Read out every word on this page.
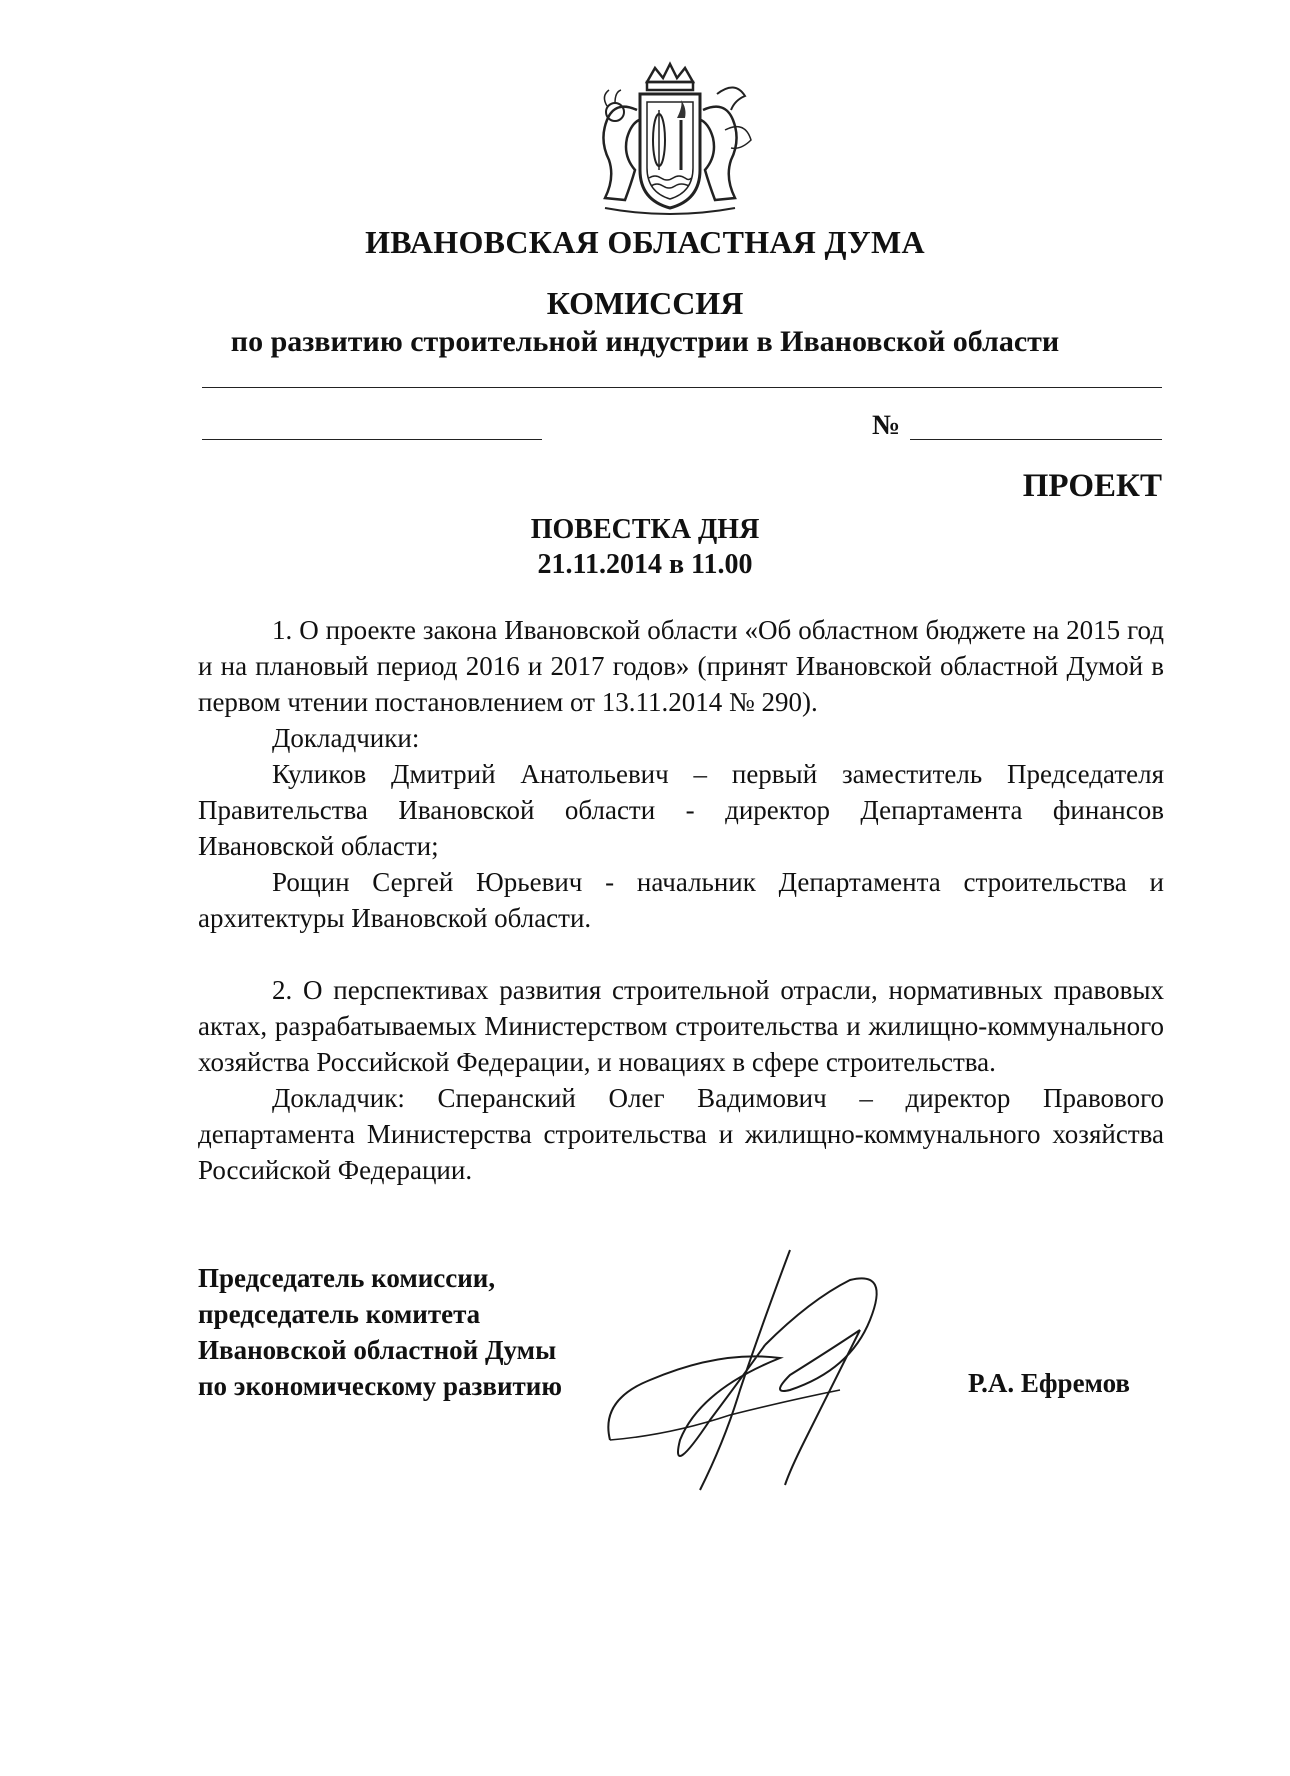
ИВАНОВСКАЯ ОБЛАСТНАЯ ДУМА
КОМИССИЯ
по развитию строительной индустрии в Ивановской области
№
ПРОЕКТ
ПОВЕСТКА ДНЯ
21.11.2014 в 11.00

1. О проекте закона Ивановской области «Об областном бюджете на 2015 год и на плановый период 2016 и 2017 годов» (принят Ивановской областной Думой в первом чтении постановлением от 13.11.2014 № 290).

Докладчики:

Куликов Дмитрий Анатольевич – первый заместитель Председателя Правительства Ивановской области - директор Департамента финансов Ивановской области;

Рощин Сергей Юрьевич - начальник Департамента строительства и архитектуры Ивановской области.

2. О перспективах развития строительной отрасли, нормативных правовых актах, разрабатываемых Министерством строительства и жилищно-коммунального хозяйства Российской Федерации, и новациях в сфере строительства.

Докладчик: Сперанский Олег Вадимович – директор Правового департамента Министерства строительства и жилищно-коммунального хозяйства Российской Федерации.

Председатель комиссии,
председатель комитета
Ивановской областной Думы
по экономическому развитию	Р.А. Ефремов
